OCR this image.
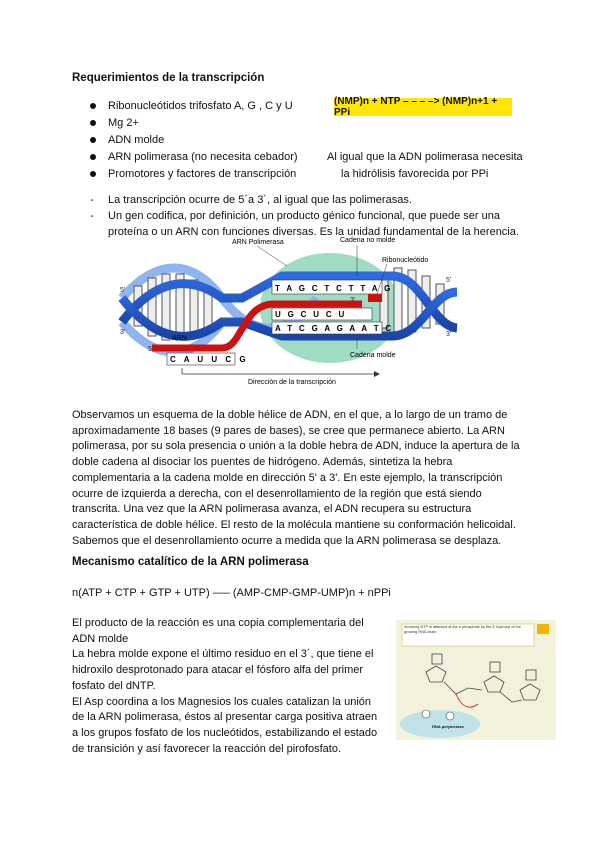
Requerimientos de la transcripción
Ribonucleótidos trifosfato A, G , C y U
Mg 2+
ADN molde
ARN polimerasa (no necesita cebador)
Promotores y factores de transcripción
(NMP)n + NTP – – – –> (NMP)n+1 + PPi
Al igual que la ADN polimerasa necesita
la hidrólisis favorecida por PPi
- La transcripción ocurre de 5´a 3´, al igual que las polimerasas.
- Un gen codifica, por definición, un producto génico funcional, que puede ser una
proteína o un ARN con funciones diversas. Es la unidad fundamental de la herencia.
T A G C T C T T A G
U G C U C U
A T C G A G A A T C
C A U U C G
ARN Polimerasa	Cadena no molde
Ribonucleótido
ARN
Cadena molde
5'
3'
3'
5'
5'
3'
Dirección de la transcripción
Observamos un esquema de la doble hélice de ADN, en el que, a lo largo de un tramo de
aproximadamente 18 bases (9 pares de bases), se cree que permanece abierto. La ARN
polimerasa, por su sola presencia o unión a la doble hebra de ADN, induce la apertura de la
doble cadena al disociar los puentes de hidrógeno. Además, sintetiza la hebra
complementaria a la cadena molde en dirección 5' a 3'. En este ejemplo, la transcripción
ocurre de izquierda a derecha, con el desenrollamiento de la región que está siendo
transcrita. Una vez que la ARN polimerasa avanza, el ADN recupera su estructura
característica de doble hélice. El resto de la molécula mantiene su conformación helicoidal.
Sabemos que el desenrollamiento ocurre a medida que la ARN polimerasa se desplaza.
Mecanismo catalítico de la ARN polimerasa
n(ATP + CTP + GTP + UTP) —– (AMP-CMP-GMP-UMP)n + nPPi
El producto de la reacción es una copia complementaria del
ADN molde
La hebra molde expone el último residuo en el 3´, que tiene el
hidroxilo desprotonado para atacar el fósforo alfa del primer
fosfato del dNTP.
El Asp coordina a los Magnesios los cuales catalizan la unión
de la ARN polimerasa, éstos al presentar carga positiva atraen
a los grupos fosfato de los nucleótidos, estabilizando el estado
de transición y así favorecer la reacción del pirofosfato.
Incoming NTP is attacked at the α phosphate by the 3' hydroxyl of the growing RNA chain.
RNA polymerase
